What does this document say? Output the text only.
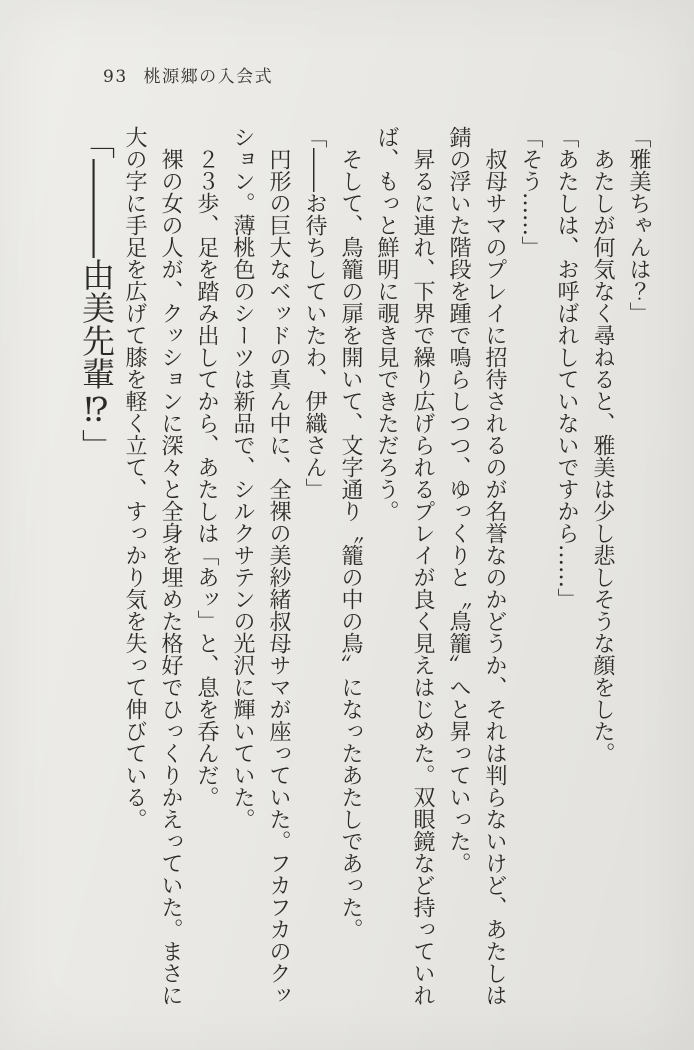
93 桃源郷の入会式

「雅美ちゃんは？」

　あたしが何気なく尋ねると、雅美は少し悲しそうな顔をした。

「あたしは、お呼ばれしていないですから……」

「そう……」

　叔母サマのプレイに招待されるのが名誉なのかどうか、それは判らないけど、あたしは錆の浮いた階段を踵で鳴らしつつ、ゆっくりと〝鳥籠〟へと昇っていった。

　昇るに連れ、下界で繰り広げられるプレイが良く見えはじめた。双眼鏡など持っていれば、もっと鮮明に覗き見できただろう。

　そして、鳥籠の扉を開いて、文字通り〝籠の中の鳥〟になったあたしであった。

「――お待ちしていたわ、伊織さん」

　円形の巨大なベッドの真ん中に、全裸の美紗緒叔母サマが座っていた。フカフカのクッション。薄桃色のシーツは新品で、シルクサテンの光沢に輝いていた。

　２３歩、足を踏み出してから、あたしは「あッ」と、息を呑んだ。

　裸の女の人が、クッションに深々と全身を埋めた格好でひっくりかえっていた。まさに大の字に手足を広げて膝を軽く立て、すっかり気を失って伸びている。

「―――由美先輩⁉」
